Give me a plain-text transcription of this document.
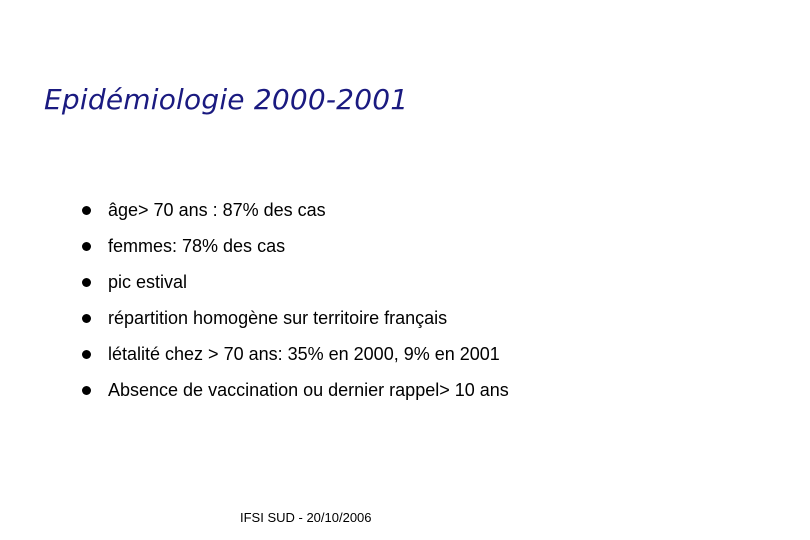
Epidémiologie 2000-2001
âge> 70 ans : 87% des cas
femmes: 78% des cas
pic estival
répartition homogène sur territoire français
létalité chez > 70 ans: 35% en 2000, 9% en 2001
Absence de vaccination ou dernier rappel> 10 ans
IFSI SUD - 20/10/2006
